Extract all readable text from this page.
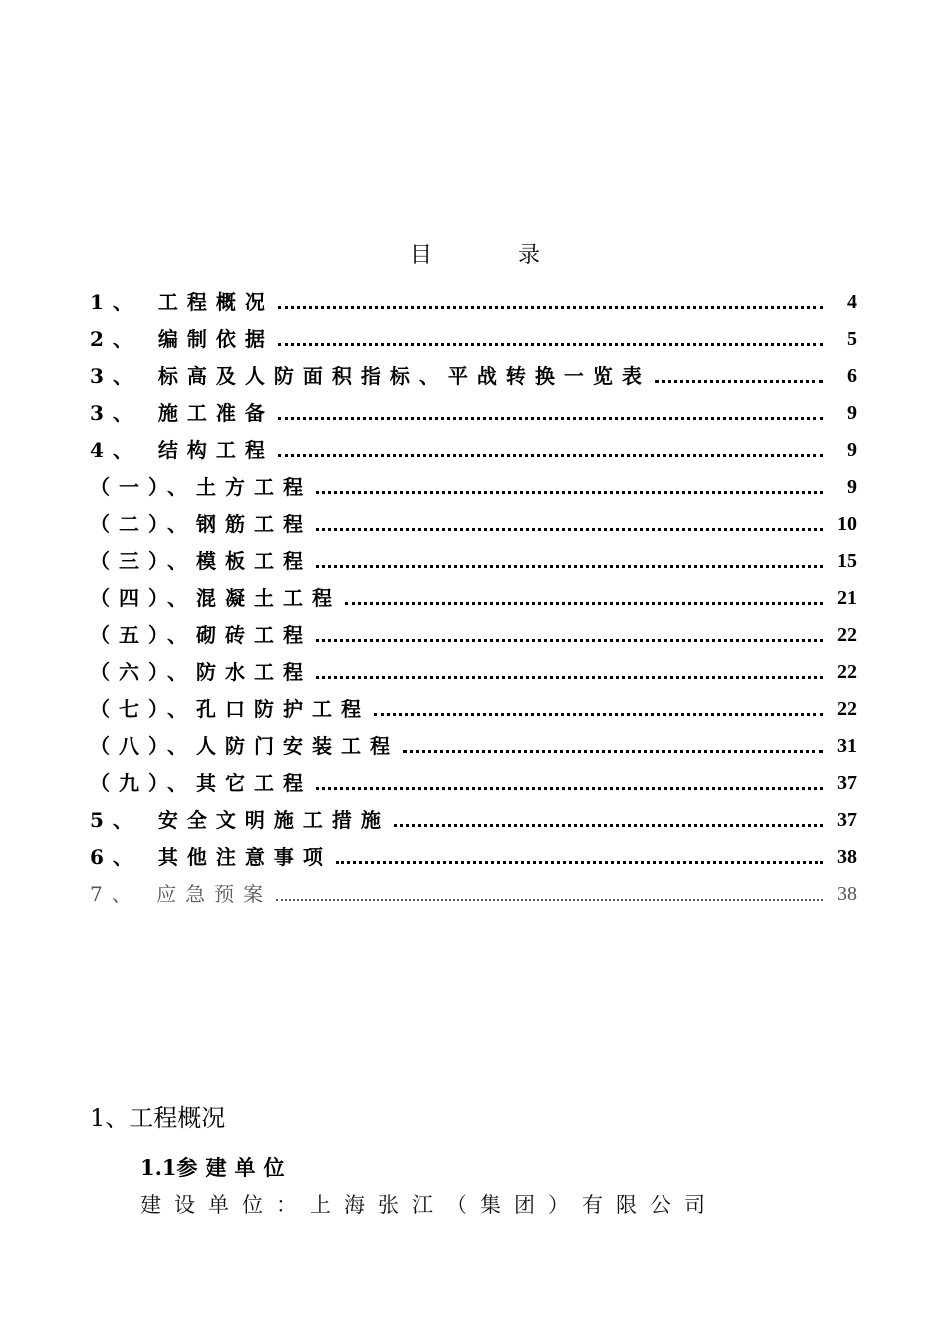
目	录
1、 工程概况	4
2、 编制依据	5
3、 标高及人防面积指标、平战转换一览表	6
3、 施工准备	9
4、 结构工程	9
（一）、土方工程	9
（二）、钢筋工程	10
（三）、模板工程	15
（四）、混凝土工程	21
（五）、砌砖工程	22
（六）、防水工程	22
（七）、孔口防护工程	22
（八）、人防门安装工程	31
（九）、其它工程	37
5、 安全文明施工措施	37
6、 其他注意事项	38
7、 应急预案	38
1、工程概况
1.1参建单位
建设单位：上海张江（集团）有限公司
